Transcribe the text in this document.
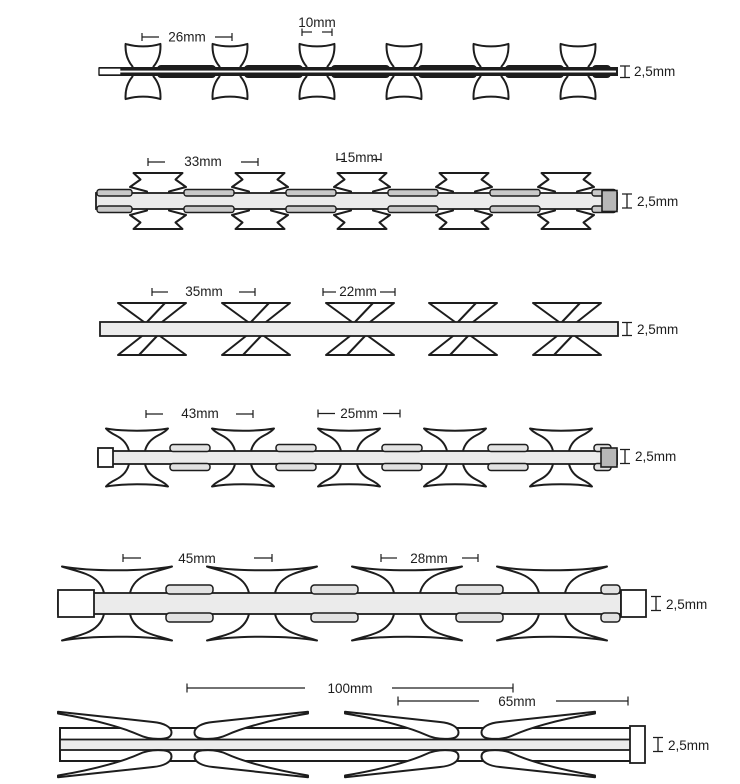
10mm
26mm
2,5mm
33mm	15mm
2,5mm
35mm	22mm
2,5mm
43mm	25mm
2,5mm
45mm	28mm
2,5mm
100mm
65mm
2,5mm
